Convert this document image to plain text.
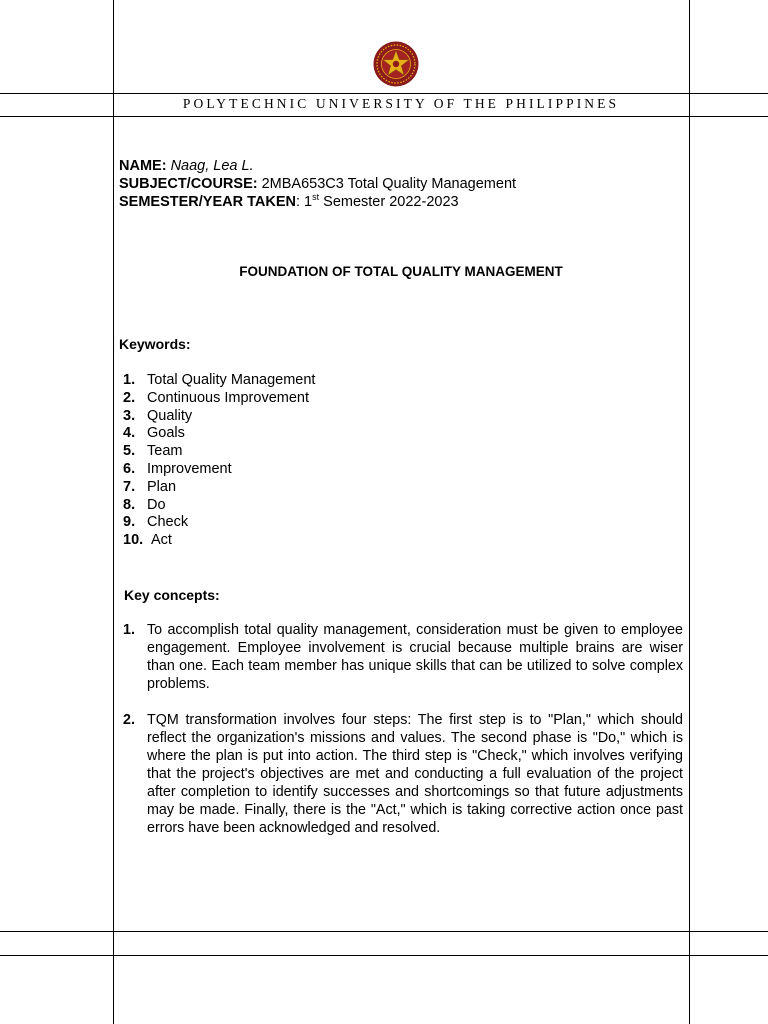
POLYTECHNIC UNIVERSITY OF THE PHILIPPINES
NAME: Naag, Lea L.
SUBJECT/COURSE: 2MBA653C3 Total Quality Management
SEMESTER/YEAR TAKEN: 1st Semester 2022-2023
FOUNDATION OF TOTAL QUALITY MANAGEMENT
Keywords:
1. Total Quality Management
2. Continuous Improvement
3. Quality
4. Goals
5. Team
6. Improvement
7. Plan
8. Do
9. Check
10. Act
Key concepts:
1. To accomplish total quality management, consideration must be given to employee engagement. Employee involvement is crucial because multiple brains are wiser than one. Each team member has unique skills that can be utilized to solve complex problems.
2. TQM transformation involves four steps: The first step is to "Plan," which should reflect the organization's missions and values. The second phase is "Do," which is where the plan is put into action. The third step is "Check," which involves verifying that the project's objectives are met and conducting a full evaluation of the project after completion to identify successes and shortcomings so that future adjustments may be made. Finally, there is the "Act," which is taking corrective action once past errors have been acknowledged and resolved.
